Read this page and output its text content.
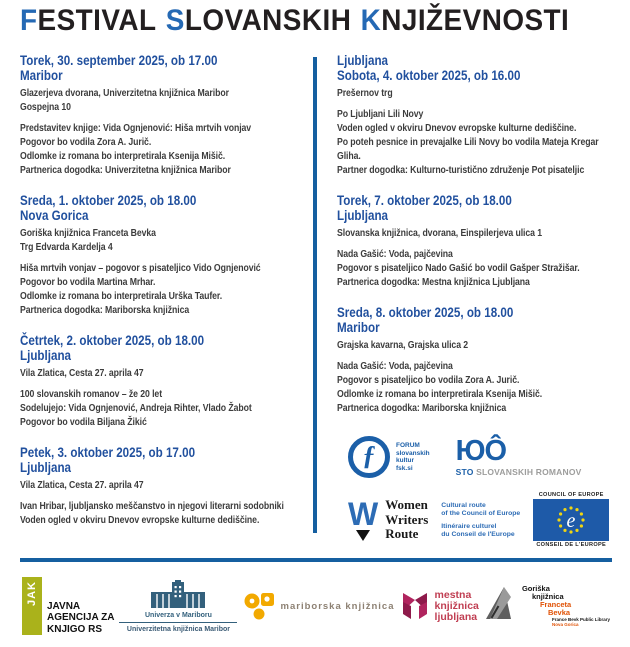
FESTIVAL SLOVANSKIH KNJIŽEVNOSTI
Torek, 30. september 2025, ob 17.00
Maribor

Glazerjeva dvorana, Univerzitetna knjižnica Maribor

Gospejna 10

Predstavitev knjige: Vida Ognjenović: Hiša mrtvih vonjav

Pogovor bo vodila Zora A. Jurič.

Odlomke iz romana bo interpretirala Ksenija Mišič.

Partnerica dogodka: Univerzitetna knjižnica Maribor

Sreda, 1. oktober 2025, ob 18.00
Nova Gorica

Goriška knjižnica Franceta Bevka

Trg Edvarda Kardelja 4

Hiša mrtvih vonjav – pogovor s pisateljico Vido Ognjenović

Pogovor bo vodila Martina Mrhar.

Odlomke iz romana bo interpretirala Urška Taufer.

Partnerica dogodka: Mariborska knjižnica

Četrtek, 2. oktober 2025, ob 18.00
Ljubljana

Vila Zlatica, Cesta 27. aprila 47

100 slovanskih romanov – že 20 let

Sodelujejo: Vida Ognjenović, Andreja Rihter, Vlado Žabot

Pogovor bo vodila Biljana Žikić

Petek, 3. oktober 2025, ob 17.00
Ljubljana

Vila Zlatica, Cesta 27. aprila 47

Ivan Hribar, ljubljansko meščanstvo in njegovi literarni sodobniki

Voden ogled v okviru Dnevov evropske kulturne dediščine.

Ljubljana
Sobota, 4. oktober 2025, ob 16.00

Prešernov trg

Po Ljubljani Lili Novy

Voden ogled v okviru Dnevov evropske kulturne dediščine.

Po poteh pesnice in prevajalke Lili Novy bo vodila Mateja Kregar Gliha.

Partner dogodka: Kulturno-turistično združenje Pot pisateljic

Torek, 7. oktober 2025, ob 18.00
Ljubljana

Slovanska knjižnica, dvorana, Einspilerjeva ulica 1

Nada Gašić: Voda, pajčevina

Pogovor s pisateljico Nado Gašić bo vodil Gašper Stražišar.

Partnerica dogodka: Mestna knjižnica Ljubljana

Sreda, 8. oktober 2025, ob 18.00
Maribor

Grajska kavarna, Grajska ulica 2

Nada Gašić: Voda, pajčevina

Pogovor s pisateljico bo vodila Zora A. Jurič.

Odlomke iz romana bo interpretirala Ksenija Mišič.

Partnerica dogodka: Mariborska knjižnica

ƒ	FORUM
slovanskih
kultur
fsk.si
ЮÔ
STO SLOVANSKIH ROMANOV
W Women
Writers
Route
Cultural route
of the Council of Europe
Itinéraire culturel
du Conseil de l'Europe
COUNCIL OF EUROPE
e
CONSEIL DE L'EUROPE
JAK JAVNA
AGENCIJA ZA
KNJIGO RS
Univerza v Mariboru
Univerzitetna knjižnica Maribor
mariborska knjižnica
mestna
knjižnica
ljubljana
Goriška
knjižnica
Franceta
Bevka
France Bevk Public Library
Nova Gorica
